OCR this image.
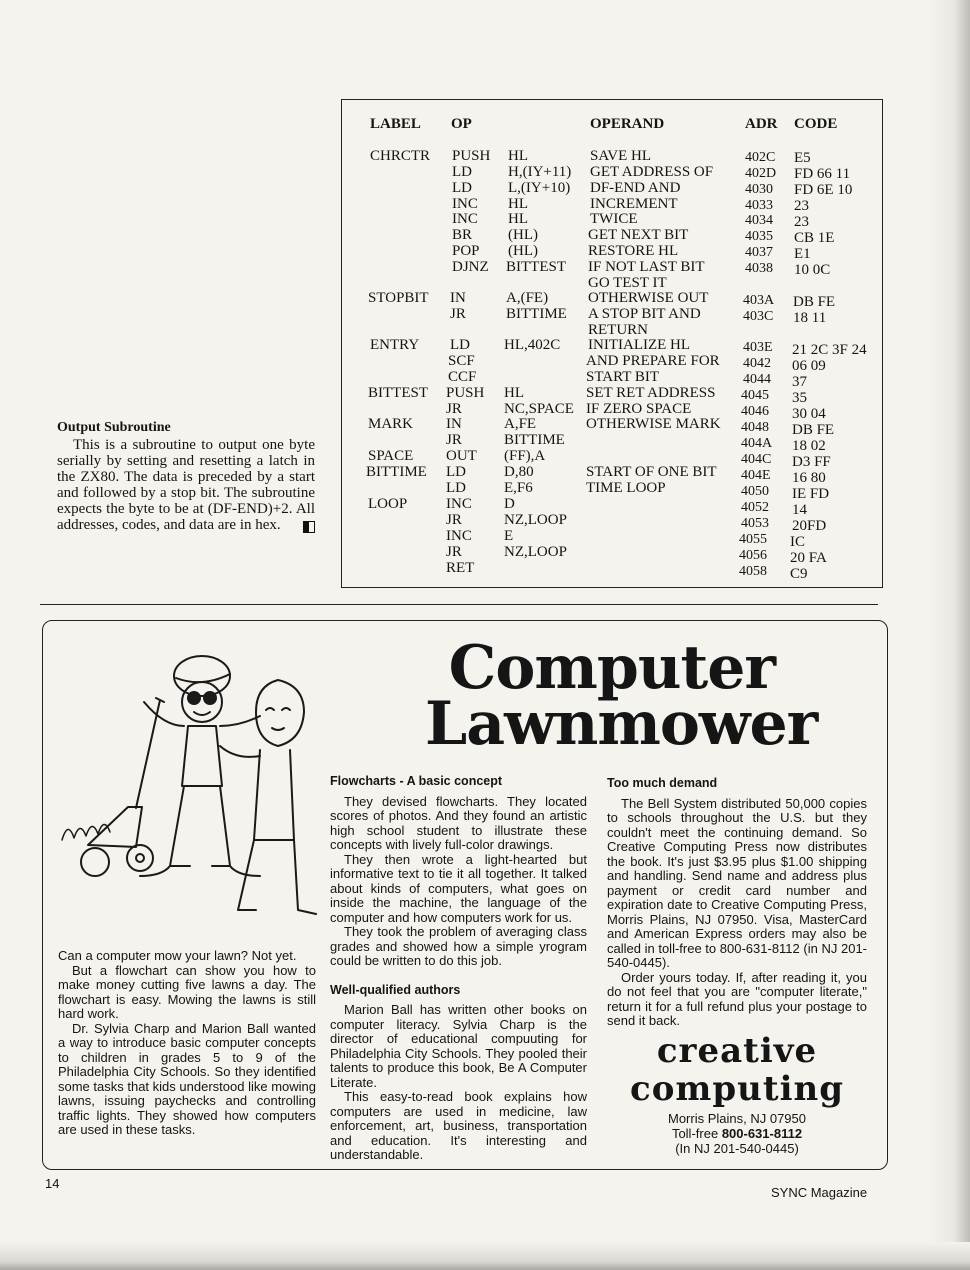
Output Subroutine
This is a subroutine to output one byte serially by setting and resetting a latch in the ZX80. The data is preceded by a start and followed by a stop bit. The subroutine expects the byte to be at (DF-END)+2. All addresses, codes, and data are in hex.
LABEL OP	OPERAND	ADR CODE
CHRCTR
STOPBIT
ENTRY
BITTEST
MARK
SPACE
BITTIME
LOOP
PUSH
LD
LD
INC
INC
BR
POP
DJNZ
IN
JR
LD
SCF
CCF
PUSH
JR
IN
JR
OUT
LD
LD
INC
JR
INC
JR
RET
HL
H,(IY+11)
L,(IY+10)
HL
HL
(HL)
(HL)
BITTEST
A,(FE)
BITTIME
HL,402C
HL
NC,SPACE
A,FE
BITTIME
(FF),A
D,80
E,F6
D
NZ,LOOP
E
NZ,LOOP
SAVE HL
GET ADDRESS OF
DF-END AND
INCREMENT
TWICE
GET NEXT BIT
RESTORE HL
IF NOT LAST BIT
GO TEST IT
OTHERWISE OUT
A STOP BIT AND
RETURN
INITIALIZE HL
AND PREPARE FOR
START BIT
SET RET ADDRESS
IF ZERO SPACE
OTHERWISE MARK
START OF ONE BIT
TIME LOOP
402C
402D
4030
4033
4034
4035
4037
4038
403A
403C
403E
4042
4044
4045
4046
4048
404A
404C
404E
4050
4052
4053
4055
4056
4058
E5
FD 66 11
FD 6E 10
23
23
CB 1E
E1
10 0C
DB FE
18 11
21 2C 3F 24
06 09
37
35
30 04
DB FE
18 02
D3 FF
16 80
IE FD
14
20FD
IC
20 FA
C9
Computer
Lawnmower

Can a computer mow your lawn? Not yet.

But a flowchart can show you how to make money cutting five lawns a day. The flowchart is easy. Mowing the lawns is still hard work.

Dr. Sylvia Charp and Marion Ball wanted a way to introduce basic computer concepts to children in grades 5 to 9 of the Philadelphia City Schools. So they identified some tasks that kids understood like mowing lawns, issuing paychecks and controlling traffic lights. They showed how computers are used in these tasks.

Flowcharts - A basic concept

They devised flowcharts. They located scores of photos. And they found an artistic high school student to illustrate these concepts with lively full-color drawings.

They then wrote a light-hearted but informative text to tie it all together. It talked about kinds of computers, what goes on inside the machine, the language of the computer and how computers work for us.

They took the problem of averaging class grades and showed how a simple yrogram could be written to do this job.

Well-qualified authors

Marion Ball has written other books on computer literacy. Sylvia Charp is the director of educational compuuting for Philadelphia City Schools. They pooled their talents to produce this book, Be A Computer Literate.

This easy-to-read book explains how computers are used in medicine, law enforcement, art, business, transportation and education. It's interesting and understandable.

Too much demand

The Bell System distributed 50,000 copies to schools throughout the U.S. but they couldn't meet the continuing demand. So Creative Computing Press now distributes the book. It's just $3.95 plus $1.00 shipping and handling. Send name and address plus payment or credit card number and expiration date to Creative Computing Press, Morris Plains, NJ 07950. Visa, MasterCard and American Express orders may also be called in toll-free to 800-631-8112 (in NJ 201-540-0445).

Order yours today. If, after reading it, you do not feel that you are "computer literate," return it for a full refund plus your postage to send it back.

creative
computing
Morris Plains, NJ 07950
Toll-free 800-631-8112
(In NJ 201-540-0445)
14
SYNC Magazine
